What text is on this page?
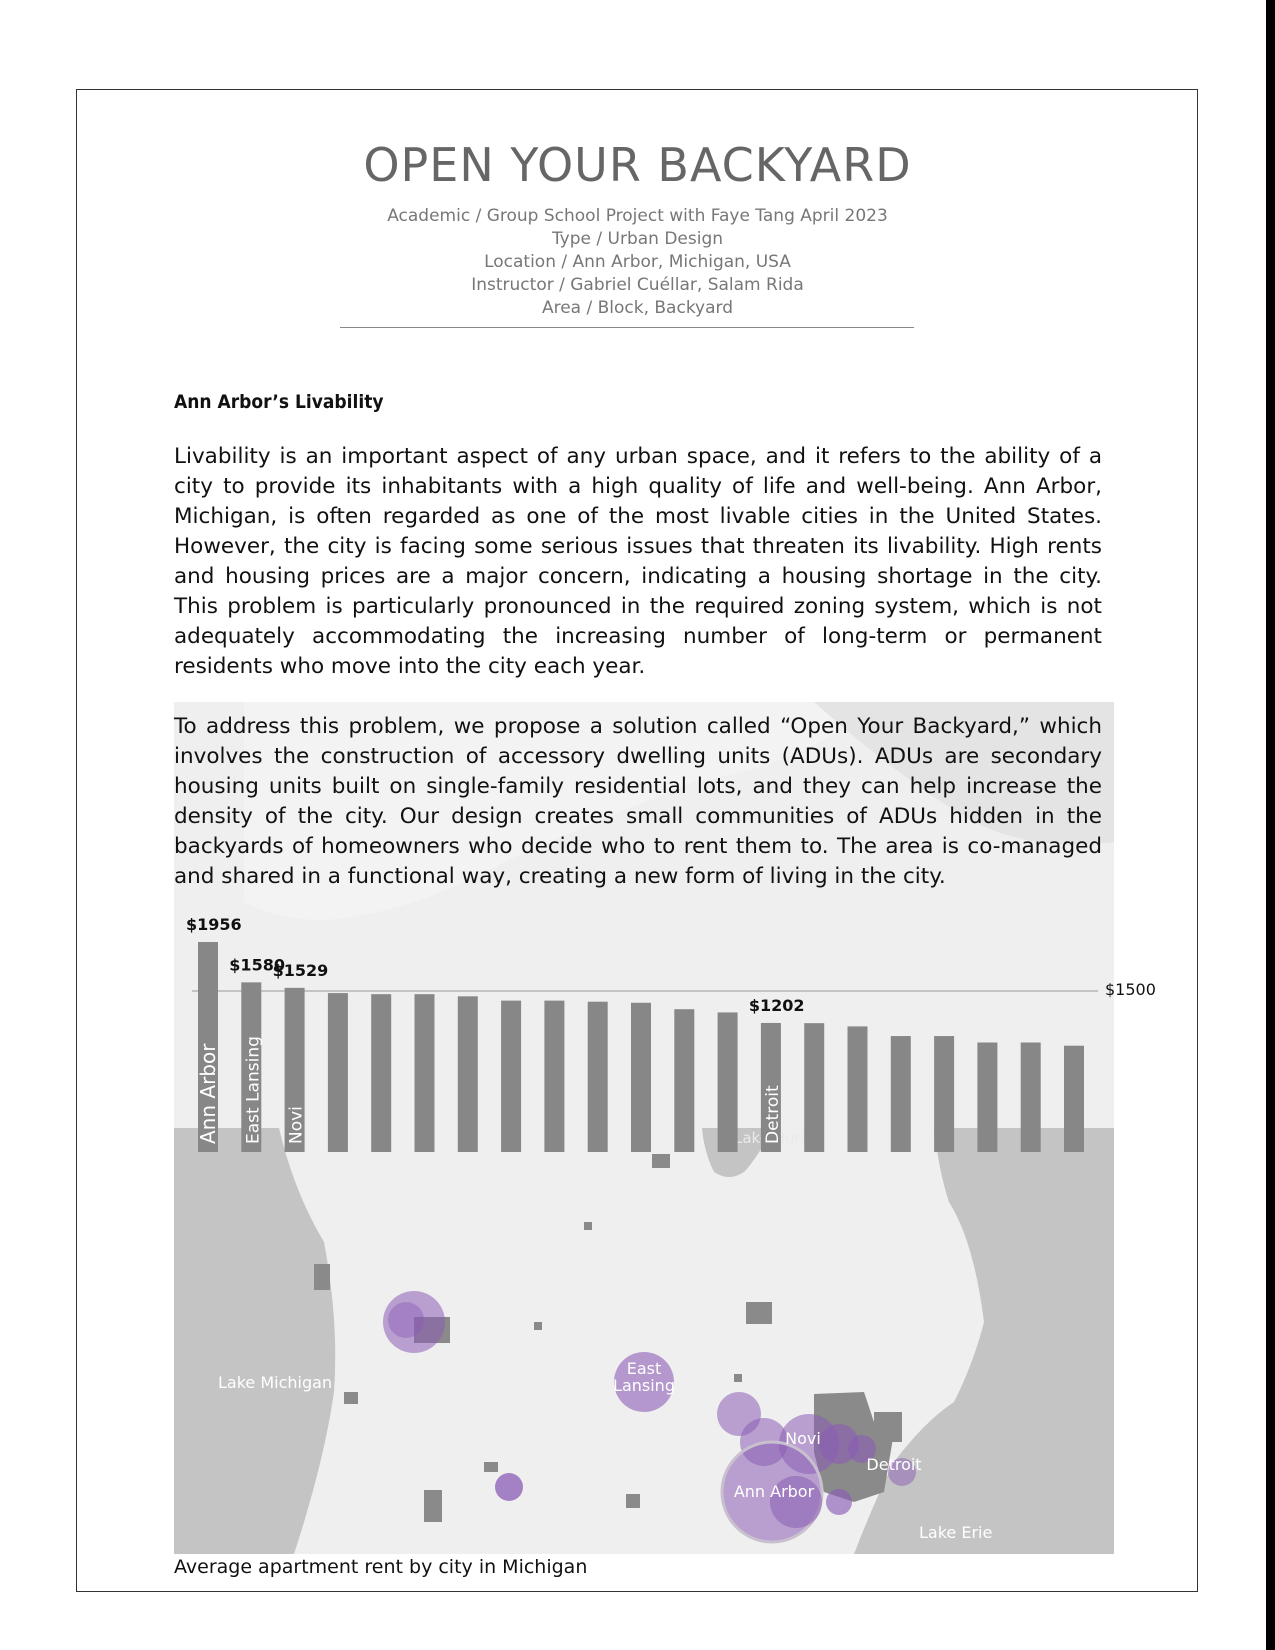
OPEN YOUR BACKYARD
Academic / Group School Project with Faye Tang April 2023
Type / Urban Design
Location / Ann Arbor, Michigan, USA
Instructor / Gabriel Cuéllar, Salam Rida
Area / Block, Backyard
Ann Arbor’s Livability

Livability is an important aspect of any urban space, and it refers to the ability of a city to provide its inhabitants with a high quality of life and well-being. Ann Arbor, Michigan, is often regarded as one of the most livable cities in the United States. However, the city is facing some serious issues that threaten its livability. High rents and housing prices are a major concern, indicating a housing shortage in the city. This problem is particularly pronounced in the required zoning system, which is not adequately accommodating the increasing number of long-term or permanent residents who move into the city each year.

Lake Michigan
Lake Erie
Lake Huron
East
Lansing
Novi
Detroit
Ann Arbor
Ann Arbor
$1956
East Lansing
$1580
Novi
$1529
Detroit
$1202

To address this problem, we propose a solution called “Open Your Backyard,” which involves the construction of accessory dwelling units (ADUs). ADUs are secondary housing units built on single-family residential lots, and they can help increase the density of the city. Our design creates small communities of ADUs hidden in the backyards of homeowners who decide who to rent them to. The area is co-managed and shared in a functional way, creating a new form of living in the city.

Average apartment rent by city in Michigan
$1500
